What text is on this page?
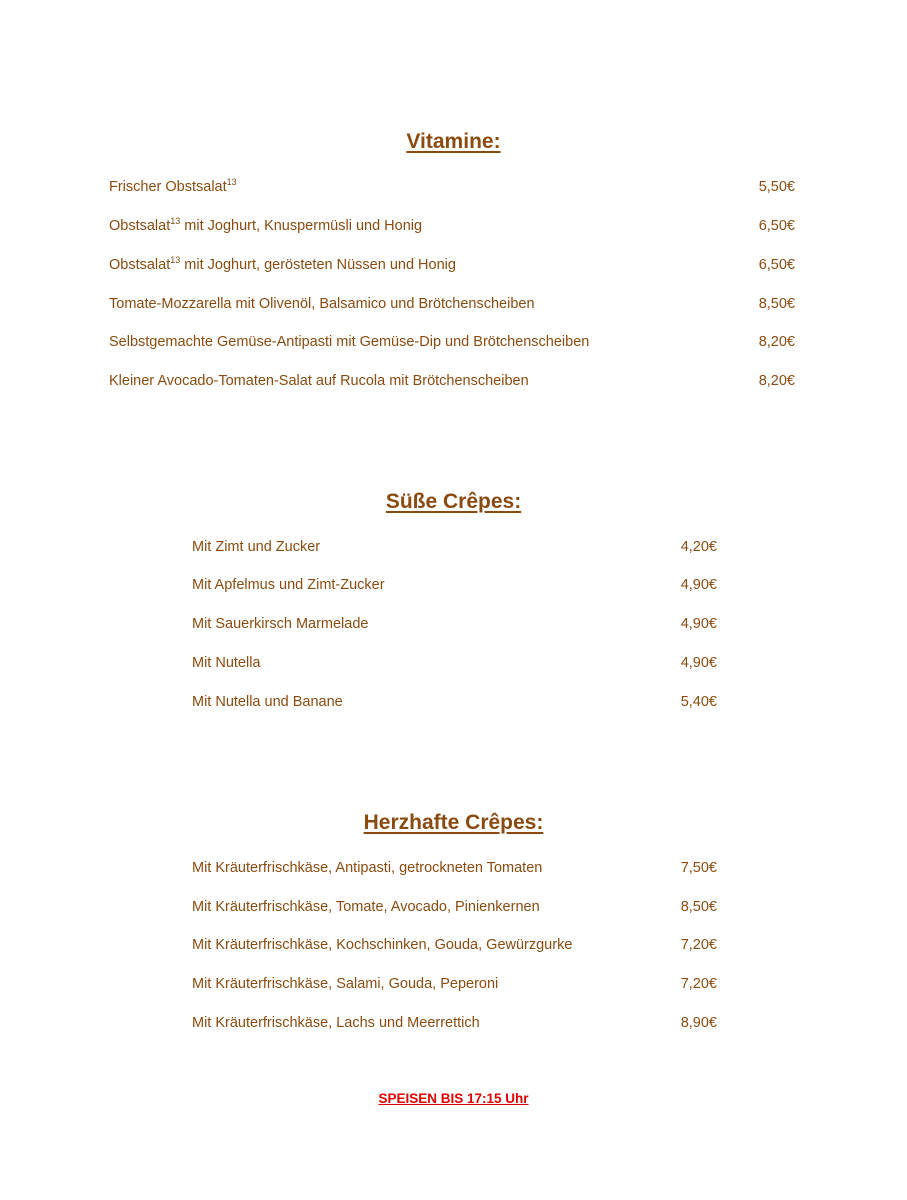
Vitamine:
Frischer Obstsalat$^{13}$	5,50€
Obstsalat$^{13}$ mit Joghurt, Knuspermüsli und Honig	6,50€
Obstsalat$^{13}$ mit Joghurt, gerösteten Nüssen und Honig	6,50€
Tomate-Mozzarella mit Olivenöl, Balsamico und Brötchenscheiben	8,50€
Selbstgemachte Gemüse-Antipasti mit Gemüse-Dip und Brötchenscheiben	8,20€
Kleiner Avocado-Tomaten-Salat auf Rucola mit Brötchenscheiben	8,20€
Süße Crêpes:
Mit Zimt und Zucker	4,20€
Mit Apfelmus und Zimt-Zucker	4,90€
Mit Sauerkirsch Marmelade	4,90€
Mit Nutella	4,90€
Mit Nutella und Banane	5,40€
Herzhafte Crêpes:
Mit Kräuterfrischkäse, Antipasti, getrockneten Tomaten	7,50€
Mit Kräuterfrischkäse, Tomate, Avocado, Pinienkernen	8,50€
Mit Kräuterfrischkäse, Kochschinken, Gouda, Gewürzgurke	7,20€
Mit Kräuterfrischkäse, Salami, Gouda, Peperoni	7,20€
Mit Kräuterfrischkäse, Lachs und Meerrettich	8,90€
SPEISEN BIS 17:15 Uhr
